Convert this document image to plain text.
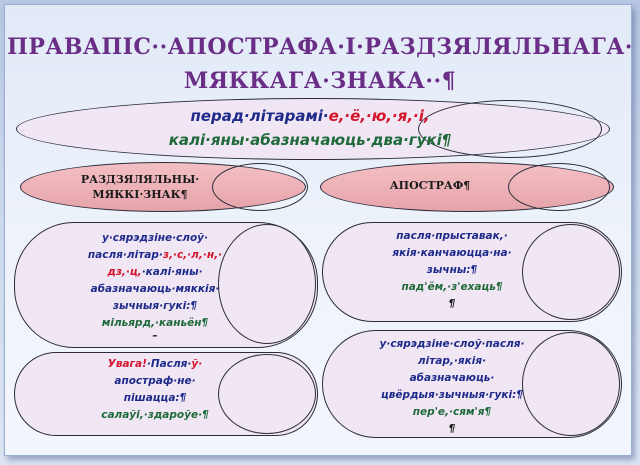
ПРАВАПІС··АПОСТРАФА·І·РАЗДЗЯЛЯЛЬНАГА·
МЯККАГА·ЗНАКА··¶
перад·літарамі·е,·ё,·ю,·я,·і,
калі·яны·абазначаюць·два·гукі¶
РАЗДЗЯЛЯЛЬНЫ·
МЯККІ·ЗНАК¶
АПОСТРАФ¶
у·сярэдзіне·слоў·
пасля·літар·з,·с,·л,·н,·
дз,·ц,·калі·яны·
абазначаюць·мяккія·
зычныя·гукі:¶
мільярд,·каньён¶
–
Увага!·Пасля·ў·
апостраф·не·
пішацца:¶
салаўі,·здароўе·¶
пасля·прыставак,·
якія·канчаюцца·на·
зычны:¶
пад'ём,·з'ехаць¶
¶
у·сярэдзіне·слоў·пасля·
літар,·якія·
абазначаюць·
цвёрдыя·зычныя·гукі:¶
пер'е,·сям'я¶
¶
